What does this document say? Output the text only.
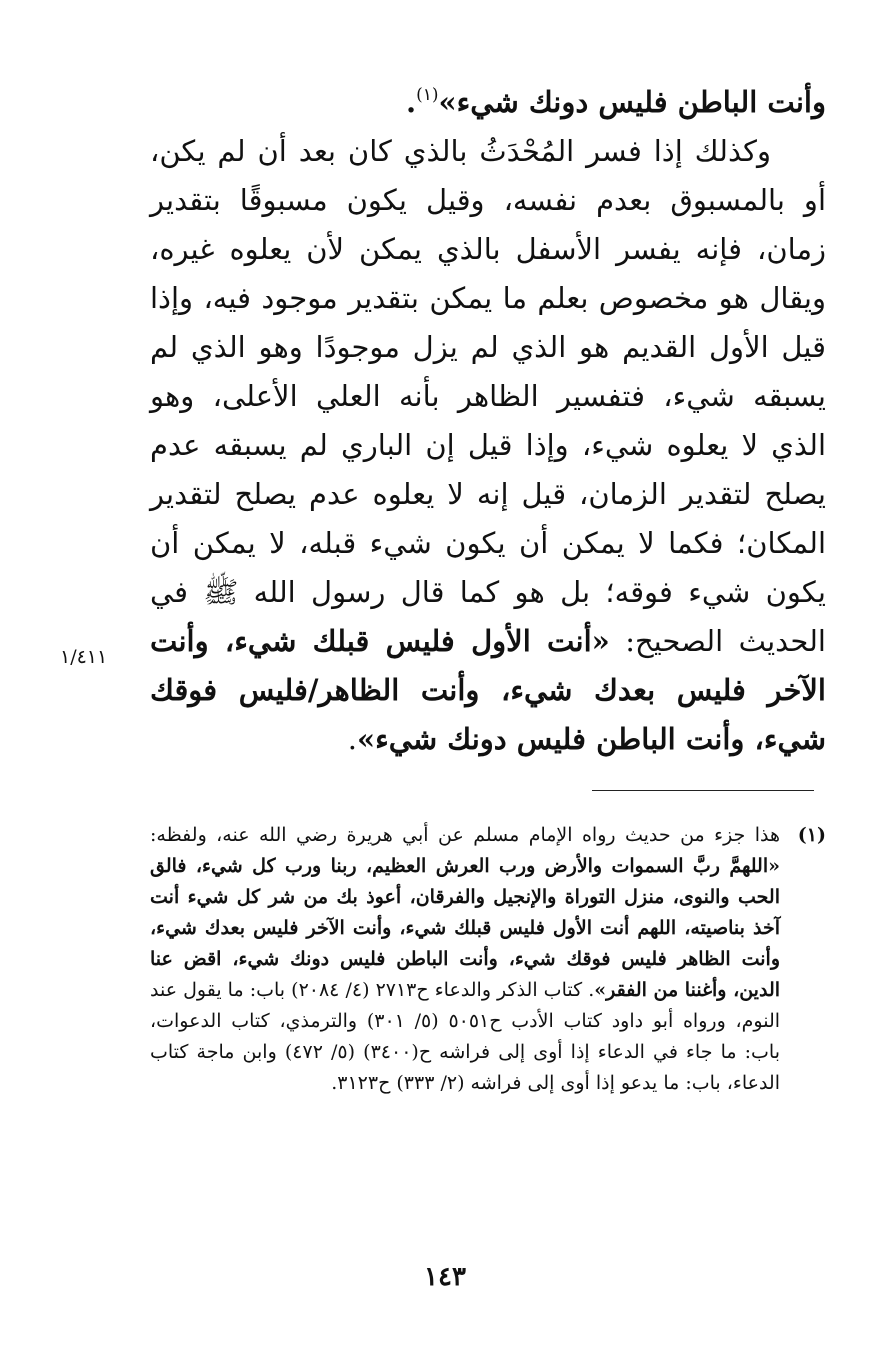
وأنت الباطن فليس دونك شيء»$^{(١)}$.

وكذلك إذا فسر المُحْدَثُ بالذي كان بعد أن لم يكن، أو بالمسبوق بعدم نفسه، وقيل يكون مسبوقًا بتقدير زمان، فإنه يفسر الأسفل بالذي يمكن لأن يعلوه غيره، ويقال هو مخصوص بعلم ما يمكن بتقدير موجود فيه، وإذا قيل الأول القديم هو الذي لم يزل موجودًا وهو الذي لم يسبقه شيء، فتفسير الظاهر بأنه العلي الأعلى، وهو الذي لا يعلوه شيء، وإذا قيل إن الباري لم يسبقه عدم يصلح لتقدير الزمان، قيل إنه لا يعلوه عدم يصلح لتقدير المكان؛ فكما لا يمكن أن يكون شيء قبله، لا يمكن أن يكون شيء فوقه؛ بل هو كما قال رسول الله ﷺ في الحديث الصحيح: «أنت الأول فليس قبلك شيء، وأنت الآخر فليس بعدك شيء، وأنت الظاهر/فليس فوقك شيء، وأنت الباطن فليس دونك شيء».

١/٤١١
(١)
هذا جزء من حديث رواه الإمام مسلم عن أبي هريرة رضي الله عنه، ولفظه: «اللهمَّ ربَّ السموات والأرض ورب العرش العظيم، ربنا ورب كل شيء، فالق الحب والنوى، منزل التوراة والإنجيل والفرقان، أعوذ بك من شر كل شيء أنت آخذ بناصيته، اللهم أنت الأول فليس قبلك شيء، وأنت الآخر فليس بعدك شيء، وأنت الظاهر فليس فوقك شيء، وأنت الباطن فليس دونك شيء، اقض عنا الدين، وأغننا من الفقر». كتاب الذكر والدعاء ح٢٧١٣ (٤/ ٢٠٨٤) باب: ما يقول عند النوم، ورواه أبو داود كتاب الأدب ح٥٠٥١ (٥/ ٣٠١) والترمذي، كتاب الدعوات، باب: ما جاء في الدعاء إذا أوى إلى فراشه ح(٣٤٠٠) (٥/ ٤٧٢) وابن ماجة كتاب الدعاء، باب: ما يدعو إذا أوى إلى فراشه (٢/ ٣٣٣) ح٣١٢٣.
١٤٣
